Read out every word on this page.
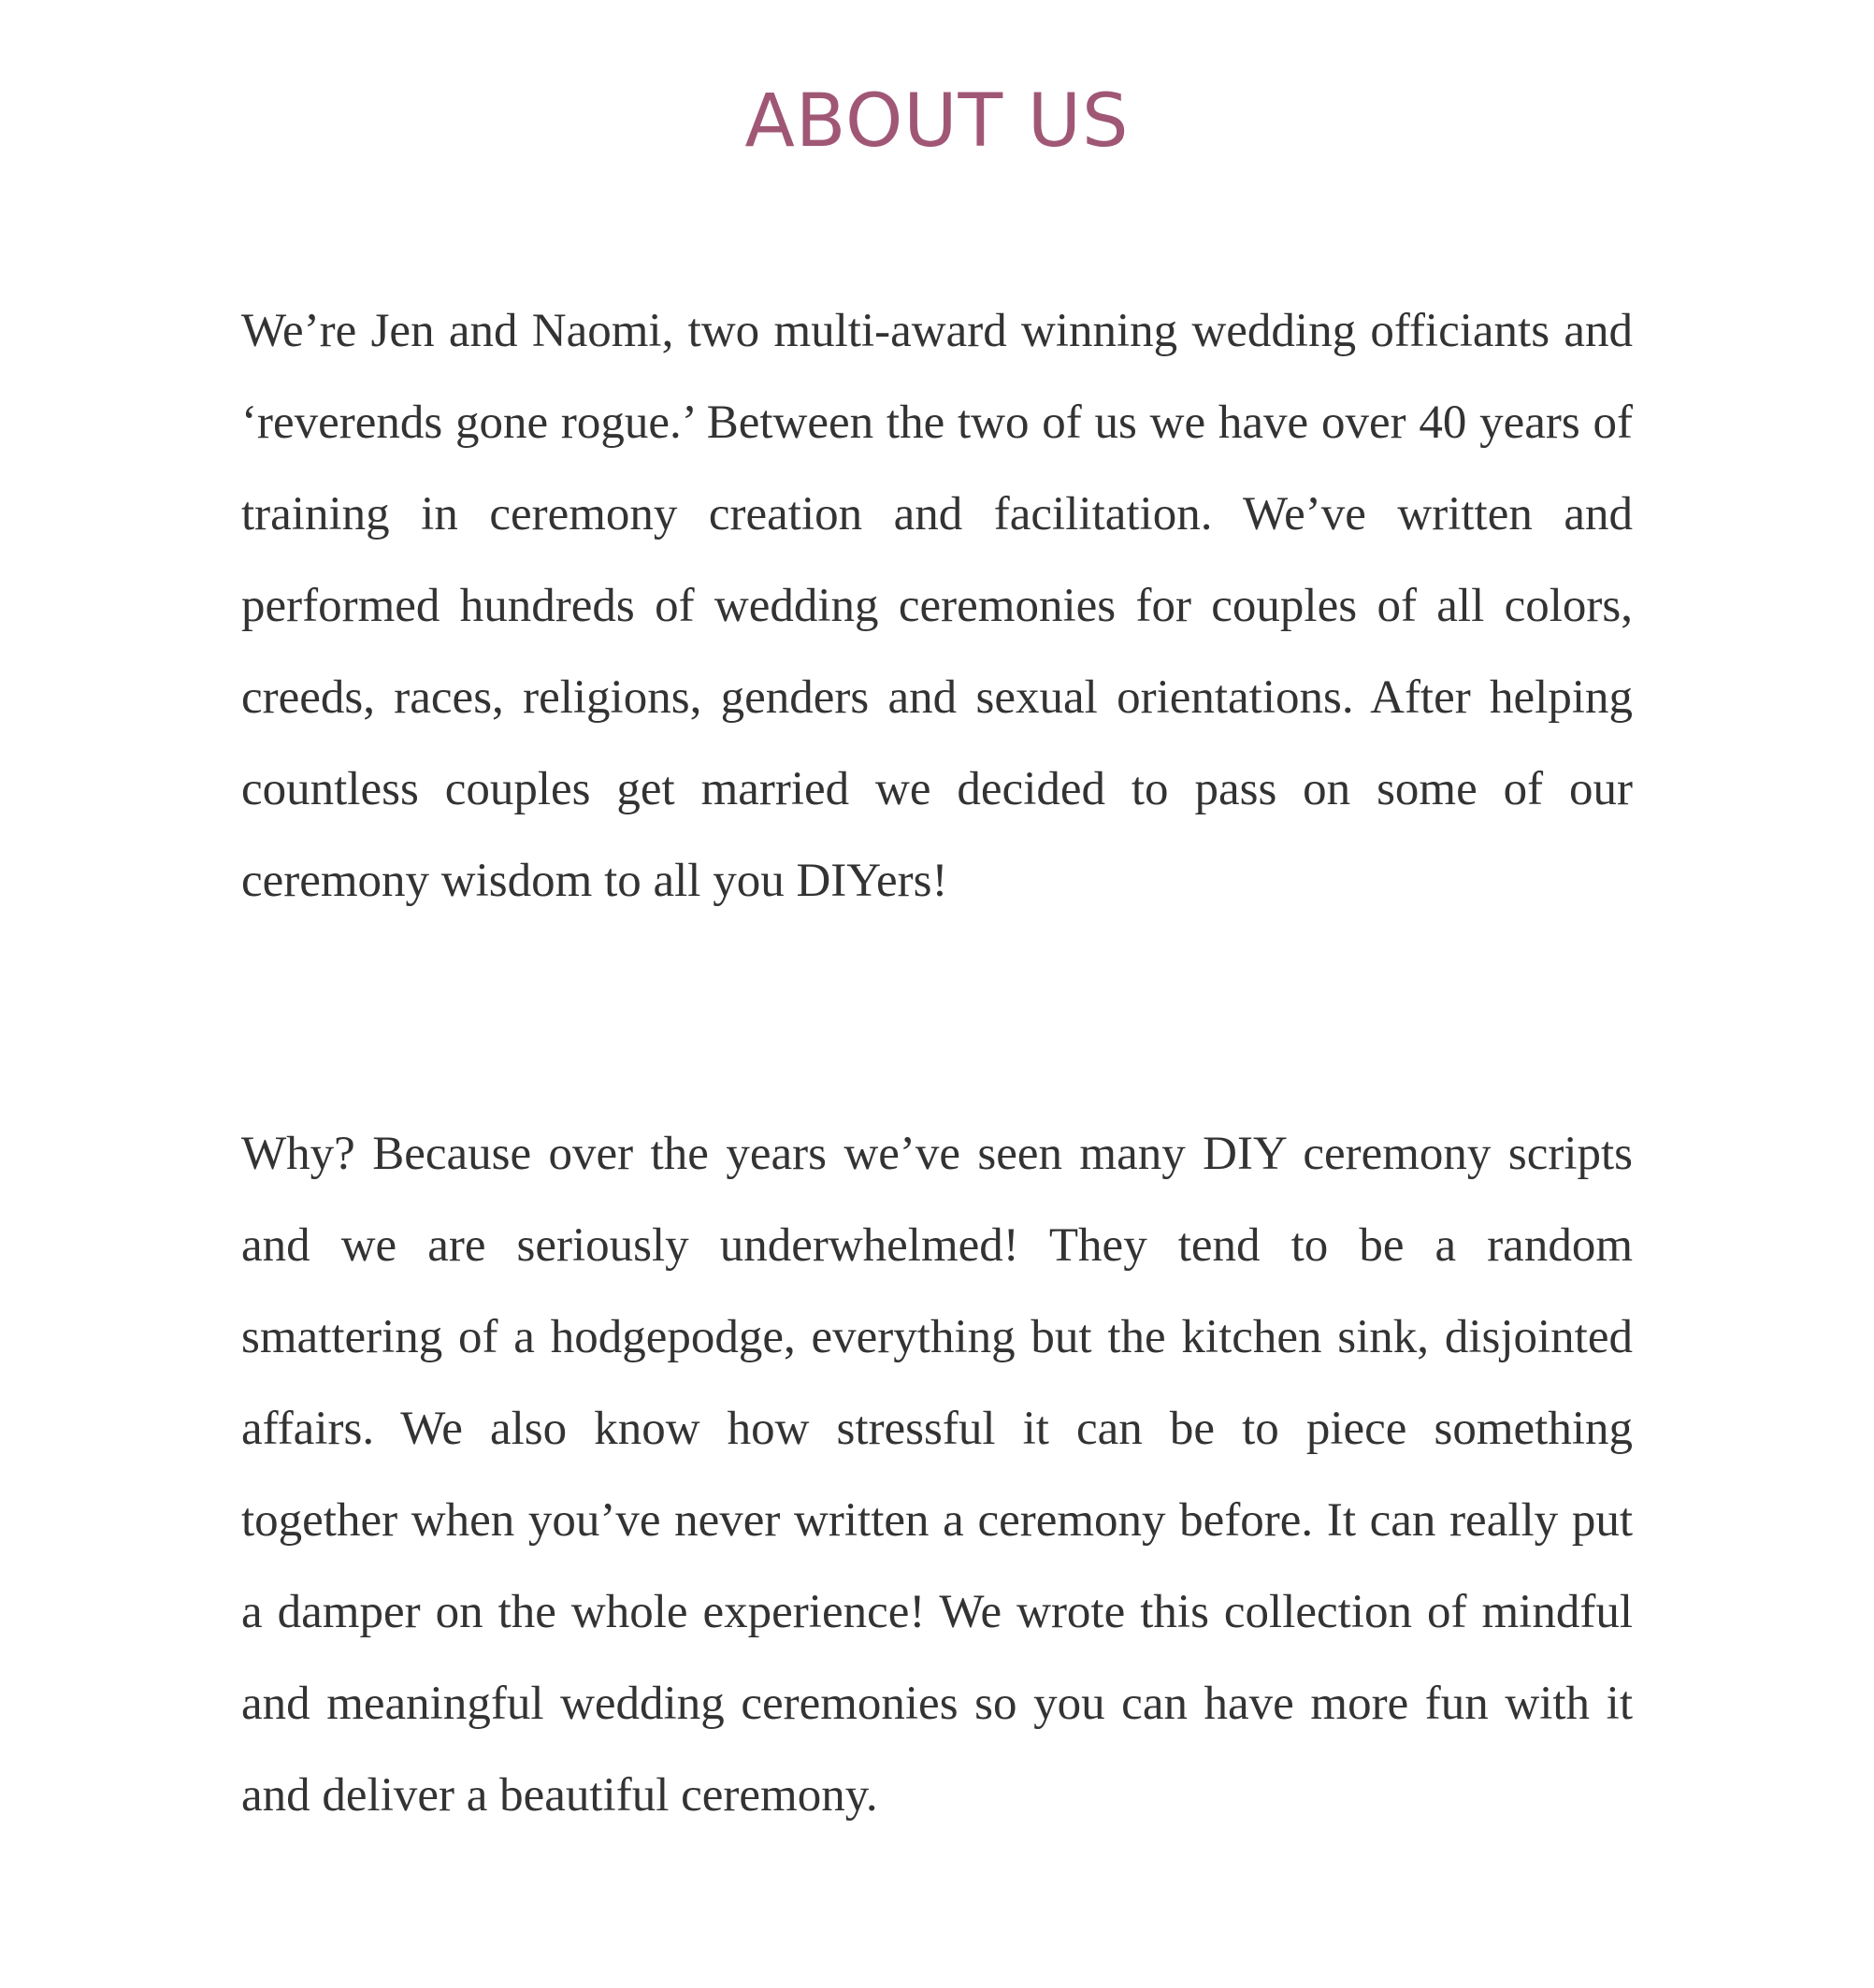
ABOUT US

We’re Jen and Naomi, two multi-award winning wedding officiants and ‘reverends gone rogue.’ Between the two of us we have over 40 years of training in ceremony creation and facilitation. We’ve written and performed hundreds of wedding ceremonies for couples of all colors, creeds, races, religions, genders and sexual orientations. After helping countless couples get married we decided to pass on some of our ceremony wisdom to all you DIYers!

Why? Because over the years we’ve seen many DIY ceremony scripts and we are seriously underwhelmed! They tend to be a random smattering of a hodgepodge, everything but the kitchen sink, disjointed affairs. We also know how stressful it can be to piece something together when you’ve never written a ceremony before. It can really put a damper on the whole experience! We wrote this collection of mindful and meaningful wedding ceremonies so you can have more fun with it and deliver a beautiful ceremony.
